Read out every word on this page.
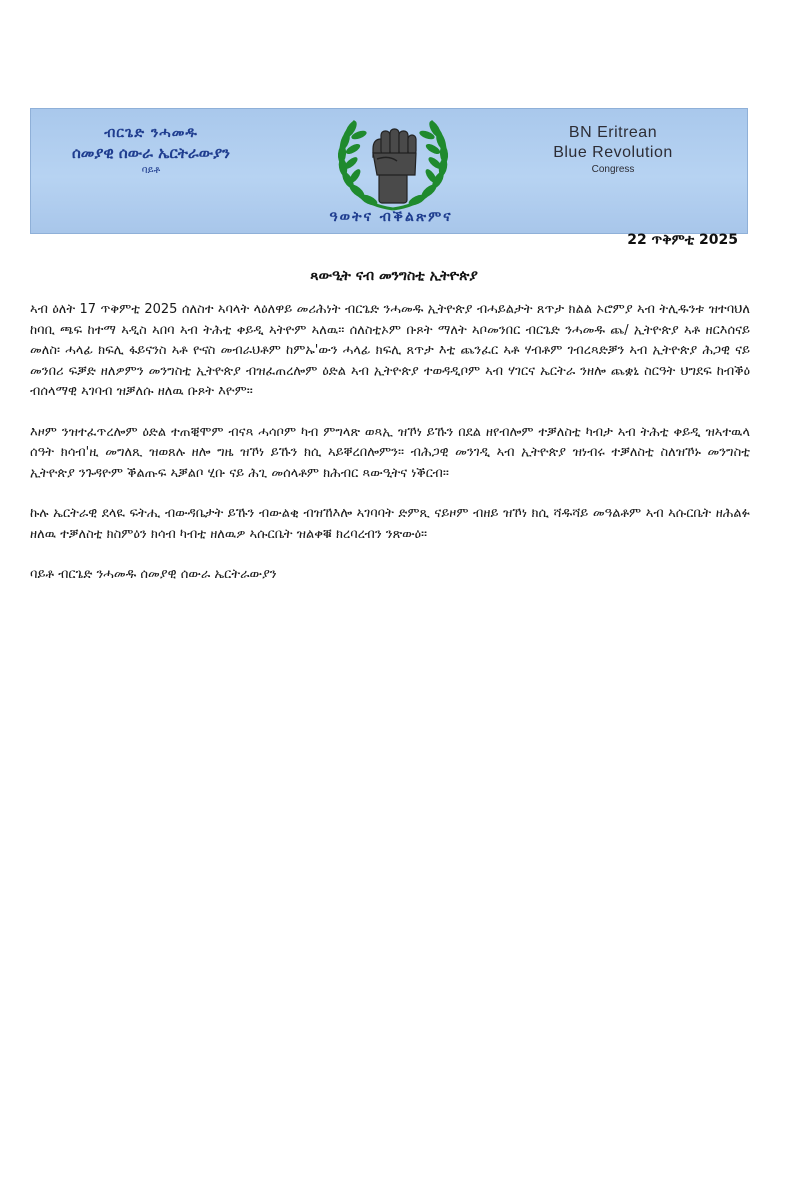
ብርጌድ ንሓመዱ
ሰመያዊ ሰውራ ኤርትራውያን
ባይቶ
BN Eritrean
Blue Revolution
Congress
ዓወትና ብቕልጽምና
22 ጥቅምቲ 2025
ጻውዒት ናብ መንግስቲ ኢትዮጵያ

ኣብ ዕለት 17 ጥቅምቲ 2025 ሰለስተ ኣባላት ላዕለዋይ መሪሕነት ብርጌድ ንሓመዱ ኢትዮጵያ ብሓይልታት ጸጥታ ክልል ኦሮምያ ኣብ ትሊዱንቱ ዝተባህለ ከባቢ ጫፍ ከተማ ኣዲስ ኣበባ ኣብ ትሕቲ ቀይዲ ኣትዮም ኣለዉ። ሰለስቲኦም ቡጾት ማለት ኣቦመንበር ብርጌድ ንሓመዱ ጨ/ ኢትዮጵያ ኣቶ ዘርእሰናይ መለስ፡ ሓላፊ ክፍሊ ፋይናንስ ኣቶ ዮናስ መብራህቶም ከምኡ'ውን ሓላፊ ክፍሊ ጸጥታ እቲ ጨንፈር ኣቶ ሃብቶም ገብረጻድቓን ኣብ ኢትዮጵያ ሕጋዊ ናይ መንበሪ ፍቓድ ዘለዎምን መንግስቲ ኢትዮጵያ ብዝፈጠረሎም ዕድል ኣብ ኢትዮጵያ ተወዳዲቦም ኣብ ሃገርና ኤርትራ ንዘሎ ጨቋኒ ስርዓት ህግደፍ ከብቕዕ ብሰላማዊ ኣገባብ ዝቓለሱ ዘለዉ ቡጾት እዮም።

እዞም ንዝተፈጥረሎም ዕድል ተጠቒሞም ብናጻ ሓሳቦም ካብ ምግላጽ ወጻኢ ዝኾነ ይኹን በደል ዘየብሎም ተቓለስቲ ካብታ ኣብ ትሕቲ ቀይዲ ዝኣተዉላ ሰዓት ክሳብ'ዚ መግለጺ ዝወጸሉ ዘሎ ግዜ ዝኾነ ይኹን ክሲ ኣይቐረበሎምን። ብሕጋዊ መንገዲ ኣብ ኢትዮጵያ ዝነብሩ ተቓለስቲ ስለዝኾኑ መንግስቲ ኢትዮጵያ ንጉዳዮም ቕልጡፍ ኣቓልቦ ሂቡ ናይ ሕጊ መሰላቶም ክሕብር ጻውዒትና ነቕርብ።

ኩሉ ኤርትራዊ ደላዪ ፍትሒ ብውዳቤታት ይኹን ብውልቂ ብዝኸእሎ ኣገባባት ድምጺ ናይዞም ብዘይ ዝኾነ ክሲ ሻዱሻይ መዓልቶም ኣብ ኣሱርቤት ዘሕልፉ ዘለዉ ተቓለስቲ ክስምዕን ክሳብ ካብቲ ዘለዉዎ ኣሱርቤት ዝልቀቑ ክረባረብን ንጽውዕ።

ባይቶ ብርጌድ ንሓመዱ ሰመያዊ ሰውራ ኤርትራውያን
